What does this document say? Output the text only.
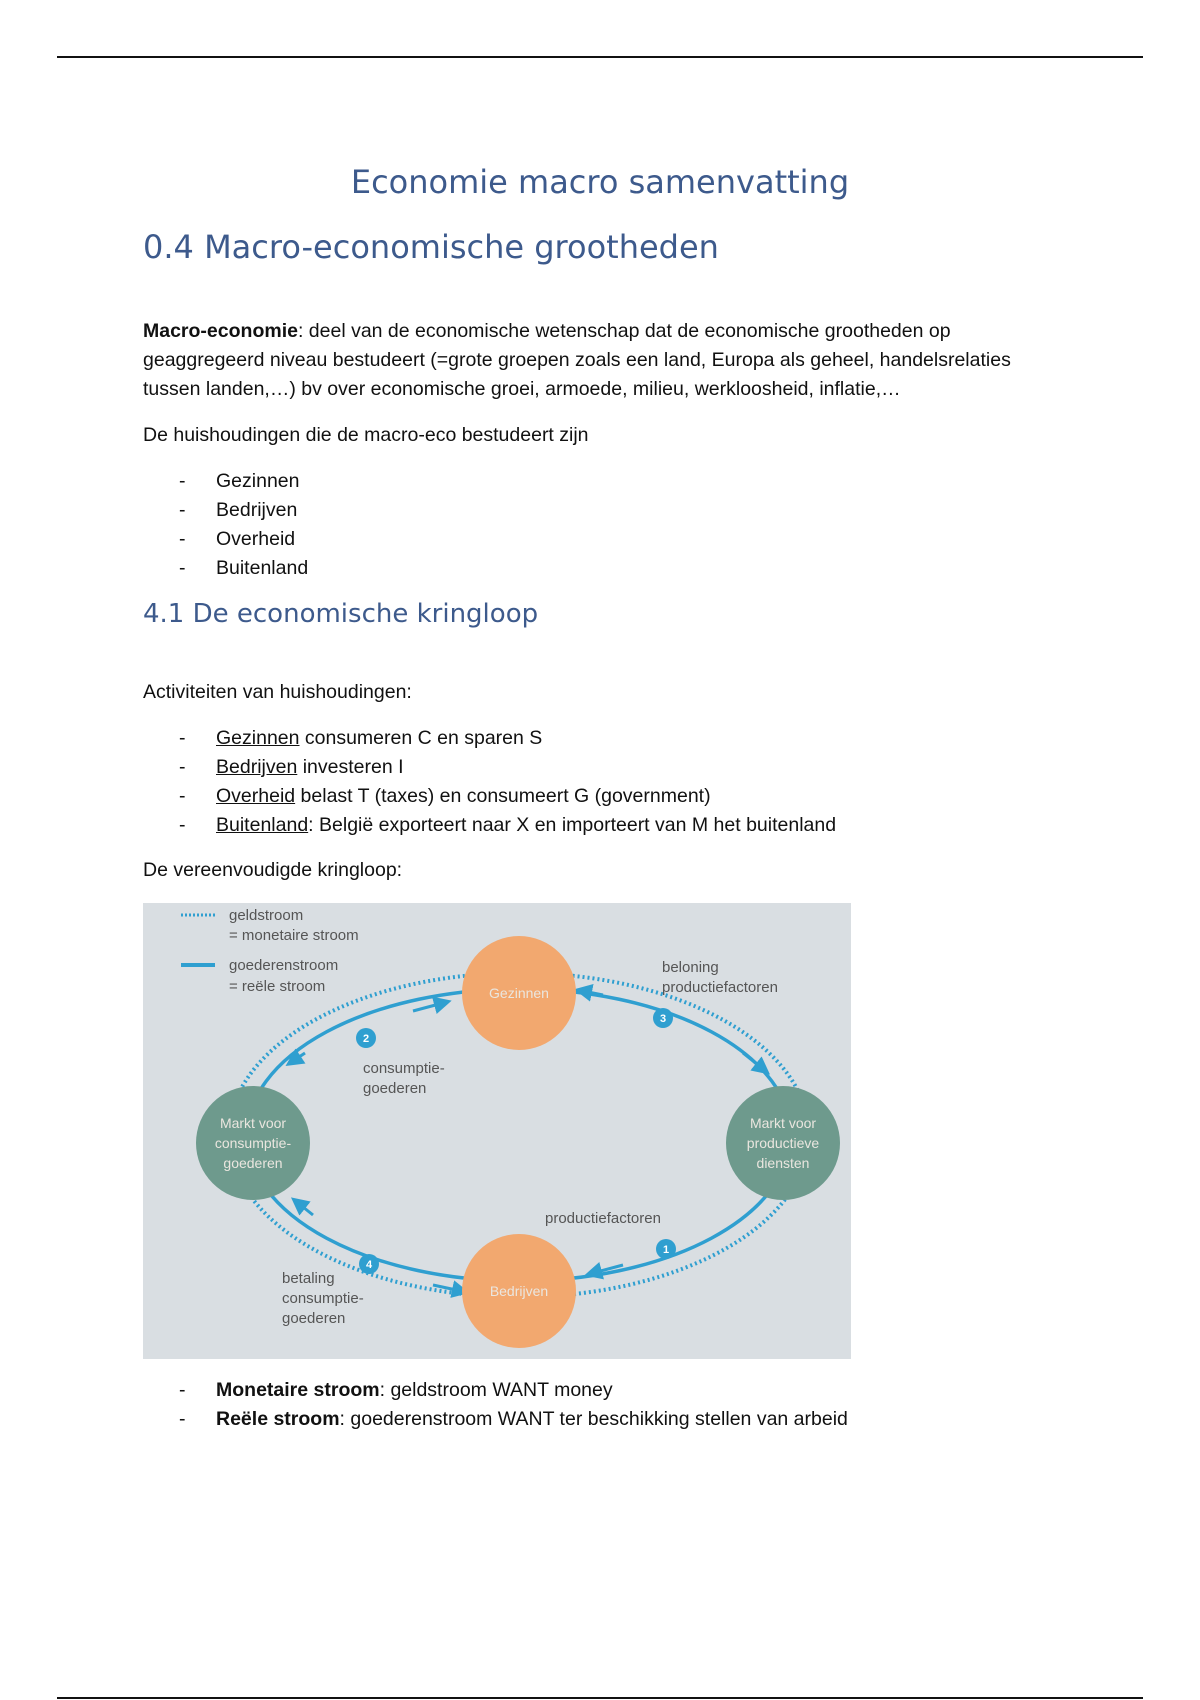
Economie macro samenvatting
0.4 Macro-economische grootheden

Macro-economie: deel van de economische wetenschap dat de economische grootheden op
geaggregeerd niveau bestudeert (=grote groepen zoals een land, Europa als geheel, handelsrelaties
tussen landen,…) bv over economische groei, armoede, milieu, werkloosheid, inflatie,…

De huishoudingen die de macro-eco bestudeert zijn

- Gezinnen
- Bedrijven
- Overheid
- Buitenland
4.1 De economische kringloop

Activiteiten van huishoudingen:

- Gezinnen consumeren C en sparen S
- Bedrijven investeren I
- Overheid belast T (taxes) en consumeert G (government)
- Buitenland: België exporteert naar X en importeert van M het buitenland

De vereenvoudigde kringloop:

geldstroom
= monetaire stroom
goederenstroom
= reële stroom	Gezinnen
Bedrijven
Markt voor
consumptie-
goederen
Markt voor
productieve
diensten
2
3
1
4
beloning
productiefactoren
consumptie-
goederen
productiefactoren
betaling
consumptie-
goederen
- Monetaire stroom: geldstroom WANT money
- Reële stroom: goederenstroom WANT ter beschikking stellen van arbeid
